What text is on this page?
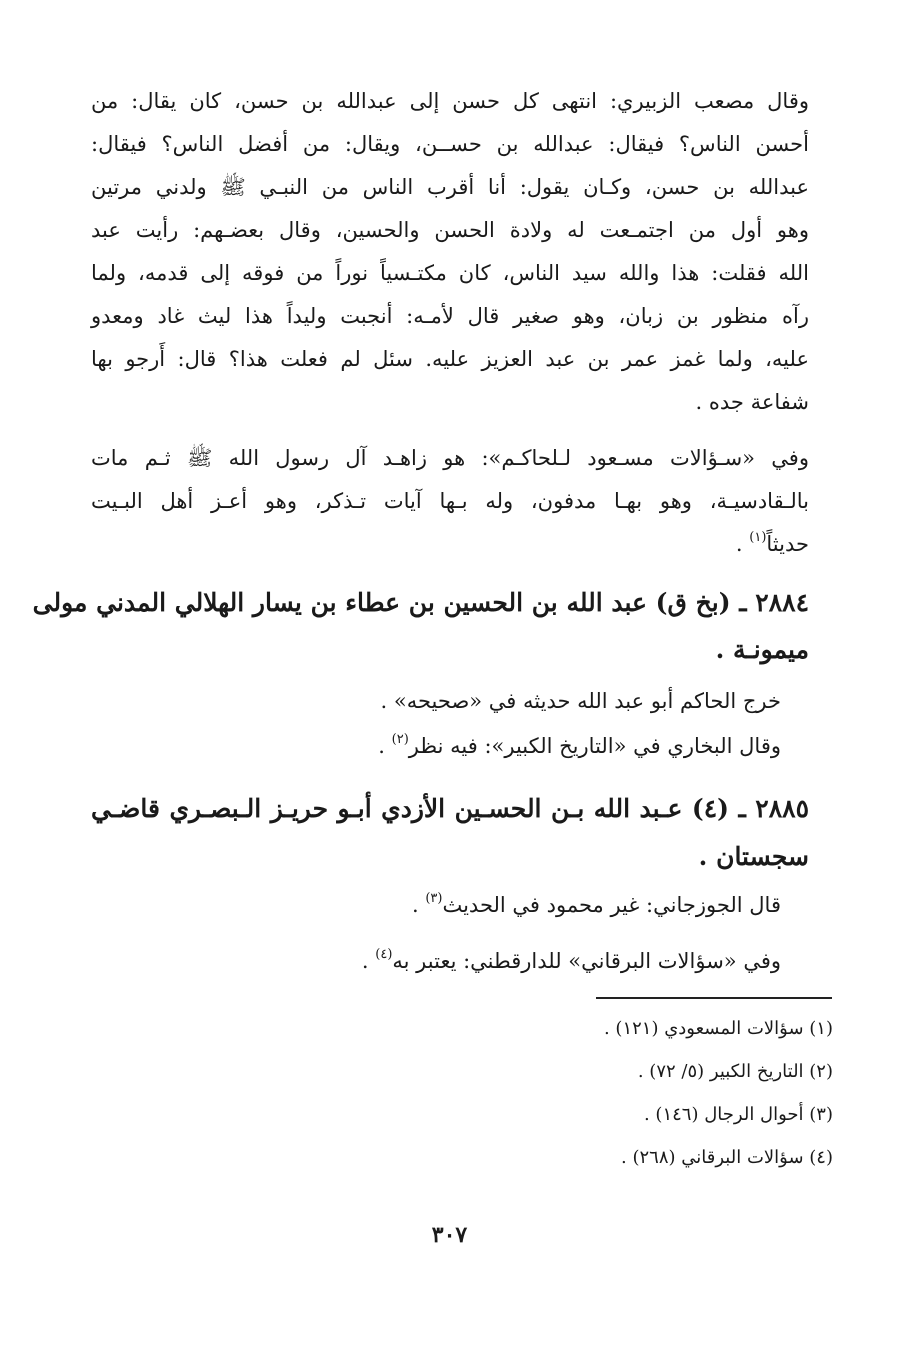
وقال مصعب الزبيري: انتهى كل حسن إلى عبدالله بن حسن، كان يقال: من
أحسن الناس؟ فيقال: عبدالله بن حســن، ويقال: من أفضل الناس؟ فيقال:
عبدالله بن حسن، وكـان يقول: أنا أقرب الناس من النبـي ﷺ ولدني مرتين
وهو أول من اجتمـعت له ولادة الحسن والحسين، وقال بعضـهم: رأيت عبد
الله فقلت: هذا والله سيد الناس، كان مكتـسياً نوراً من فوقه إلى قدمه، ولما
رآه منظور بن زبان، وهو صغير قال لأمـه: أنجبت وليداً هذا ليث غاد ومعدو
عليه، ولما غمز عمر بن عبد العزيز عليه. سئل لم فعلت هذا؟ قال: أَرجو بها
شفاعة جده .
وفي «سـؤالات مسـعود لـلحاكـم»: هو زاهـد آل رسول الله ﷺ ثـم مات
بالـقادسيـة، وهو بهـا مدفون، وله بـها آيات تـذكر، وهو أعـز أهل البـيت
حديثاً$^{(١)}$ .
٢٨٨٤ ـ (بخ ق) عبد الله بن الحسين بن عطاء بن يسار الهلالي المدني مولى
ميمونـة .
خرج الحاكم أبو عبد الله حديثه في «صحيحه» .
وقال البخاري في «التاريخ الكبير»: فيه نظر$^{(٢)}$ .
٢٨٨٥ ـ (٤) عـبد الله بـن الحسـين الأزدي أبـو حريـز الـبصـري قاضـي
سجستان .
قال الجوزجاني: غير محمود في الحديث$^{(٣)}$ .
وفي «سؤالات البرقاني» للدارقطني: يعتبر به$^{(٤)}$ .
(١) سؤالات المسعودي (١٢١) .
(٢) التاريخ الكبير (٥/ ٧٢) .
(٣) أحوال الرجال (١٤٦) .
(٤) سؤالات البرقاني (٢٦٨) .
٣٠٧
